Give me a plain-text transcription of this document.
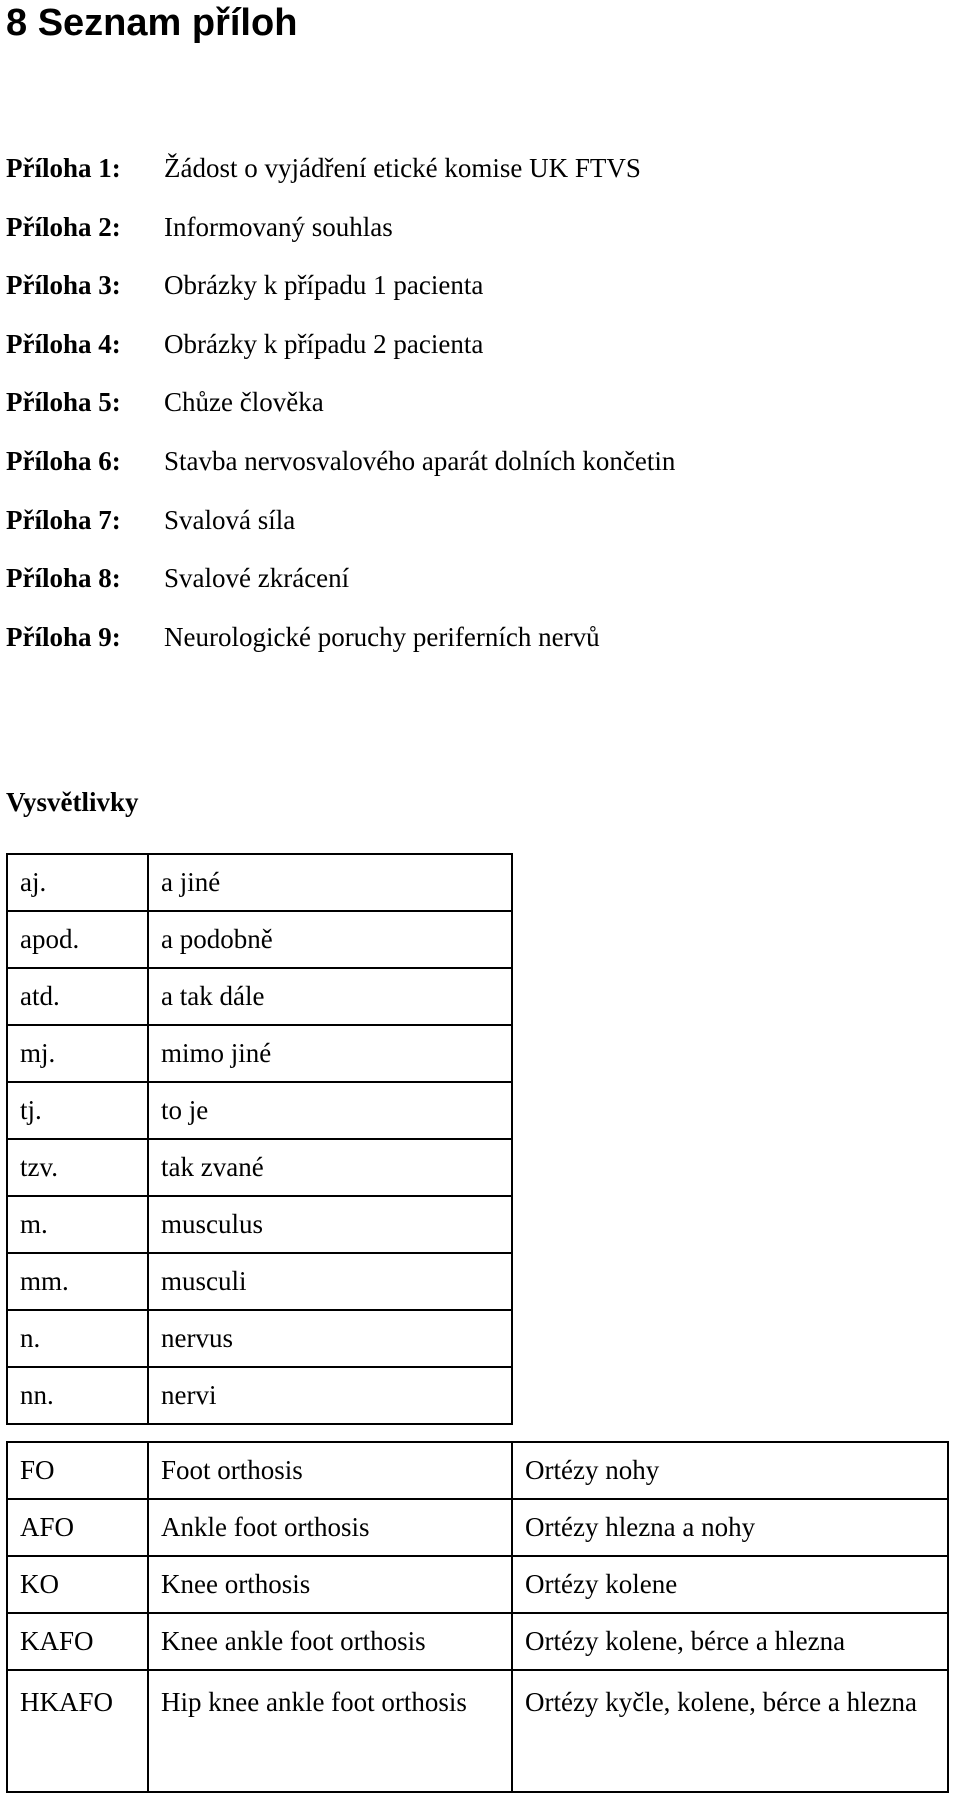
8 Seznam příloh
Příloha 1: Žádost o vyjádření etické komise UK FTVS
Příloha 2: Informovaný souhlas
Příloha 3: Obrázky k případu 1 pacienta
Příloha 4: Obrázky k případu 2 pacienta
Příloha 5: Chůze člověka
Příloha 6: Stavba nervosvalového aparát dolních končetin
Příloha 7: Svalová síla
Příloha 8: Svalové zkrácení
Příloha 9: Neurologické poruchy periferních nervů
Vysvětlivky
aj.	a jiné
apod.	a podobně
atd.	a tak dále
mj.	mimo jiné
tj.	to je
tzv.	tak zvané
m.	musculus
mm.	musculi
n.	nervus
nn.	nervi
FO	Foot orthosis	Ortézy nohy
AFO	Ankle foot orthosis	Ortézy hlezna a nohy
KO	Knee orthosis	Ortézy kolene
KAFO	Knee ankle foot orthosis	Ortézy kolene, bérce a hlezna
HKAFO	Hip knee ankle foot orthosis	Ortézy kyčle, kolene, bérce a hlezna
